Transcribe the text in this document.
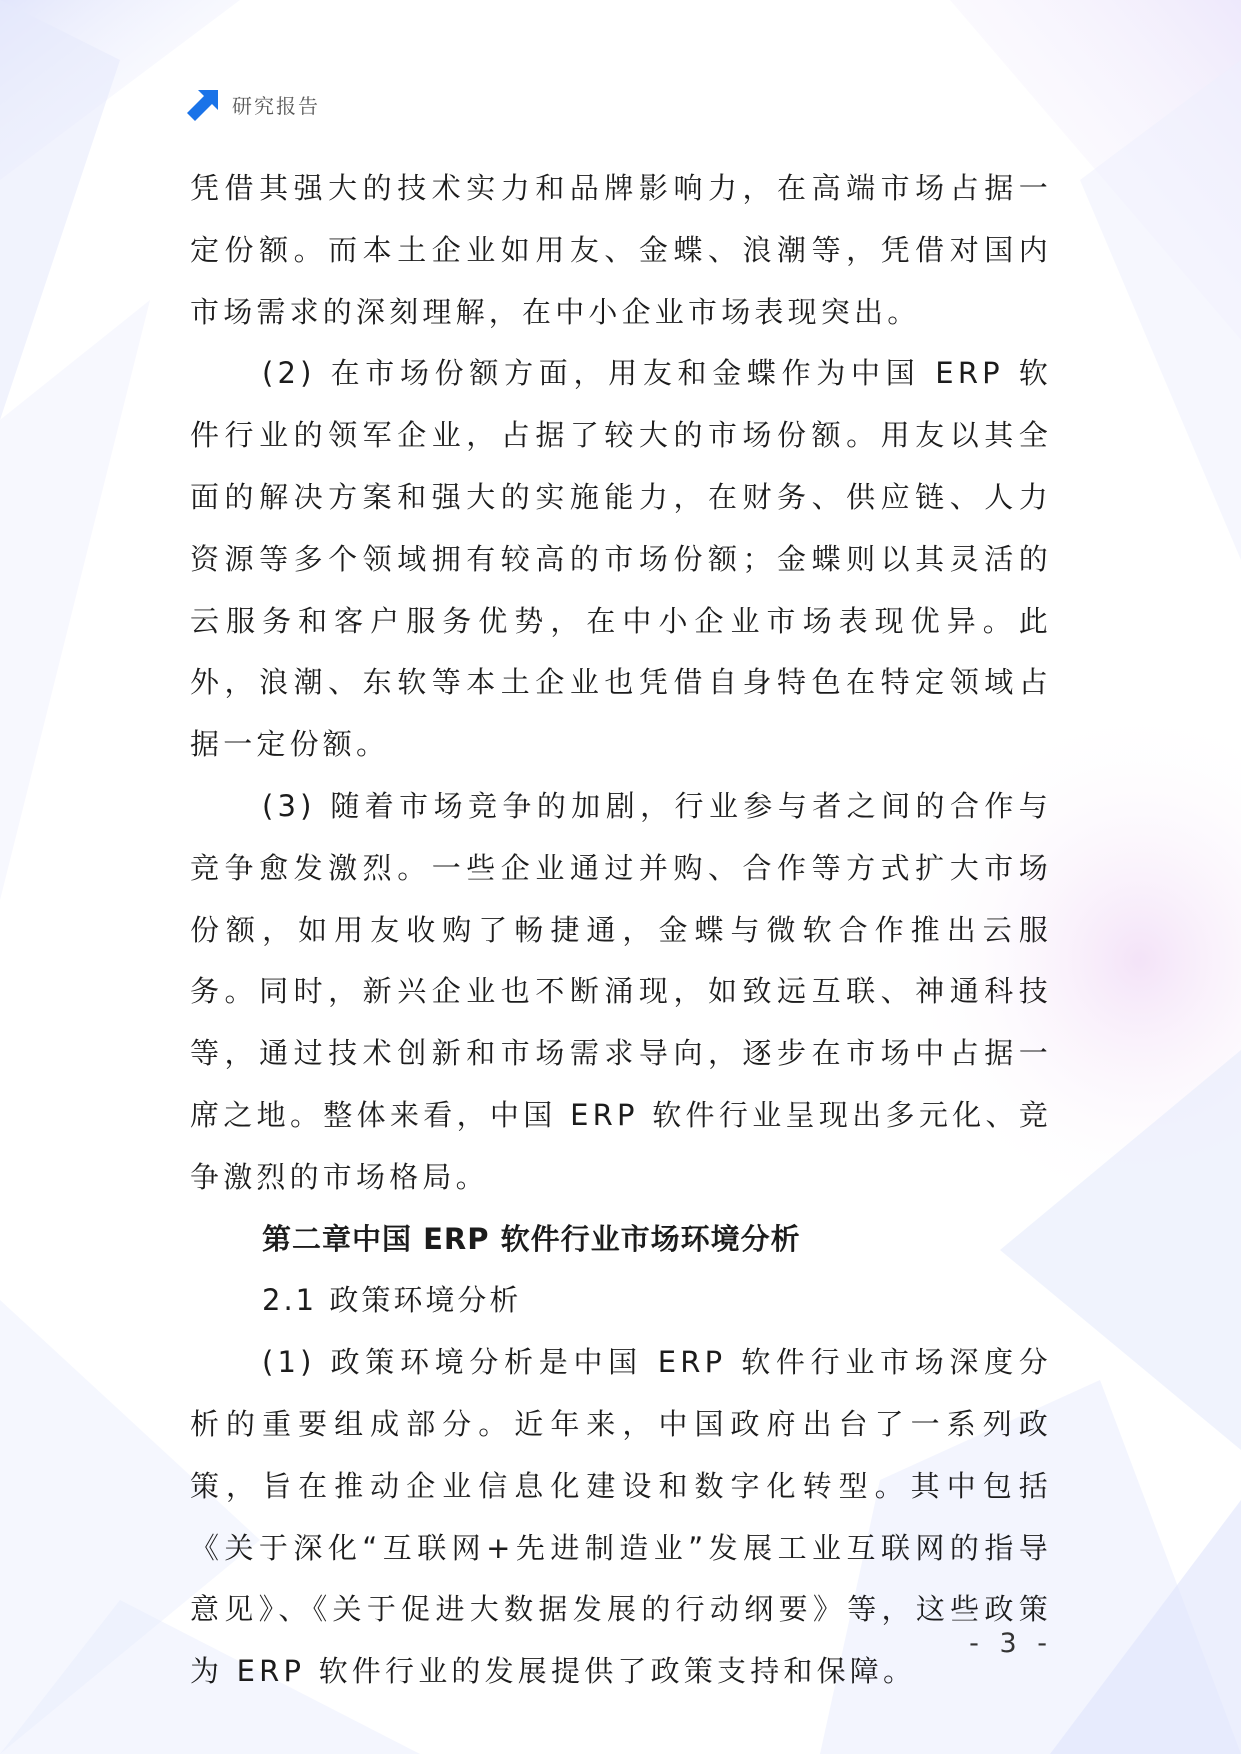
研究报告

凭借其强大的技术实力和品牌影响力，在高端市场占据一定份额。而本土企业如用友、金蝶、浪潮等，凭借对国内市场需求的深刻理解，在中小企业市场表现突出。

(2) 在市场份额方面，用友和金蝶作为中国 ERP 软件行业的领军企业，占据了较大的市场份额。用友以其全面的解决方案和强大的实施能力，在财务、供应链、人力资源等多个领域拥有较高的市场份额；金蝶则以其灵活的云服务和客户服务优势，在中小企业市场表现优异。此外，浪潮、东软等本土企业也凭借自身特色在特定领域占据一定份额。

(3) 随着市场竞争的加剧，行业参与者之间的合作与竞争愈发激烈。一些企业通过并购、合作等方式扩大市场份额，如用友收购了畅捷通，金蝶与微软合作推出云服务。同时，新兴企业也不断涌现，如致远互联、神通科技等，通过技术创新和市场需求导向，逐步在市场中占据一席之地。整体来看，中国 ERP 软件行业呈现出多元化、竞争激烈的市场格局。

第二章中国 ERP 软件行业市场环境分析
2.1 政策环境分析

(1) 政策环境分析是中国 ERP 软件行业市场深度分析的重要组成部分。近年来，中国政府出台了一系列政策，旨在推动企业信息化建设和数字化转型。其中包括《关于深化“互联网+先进制造业”发展工业互联网的指导意见》、《关于促进大数据发展的行动纲要》等，这些政策为 ERP 软件行业的发展提供了政策支持和保障。

- 3 -
